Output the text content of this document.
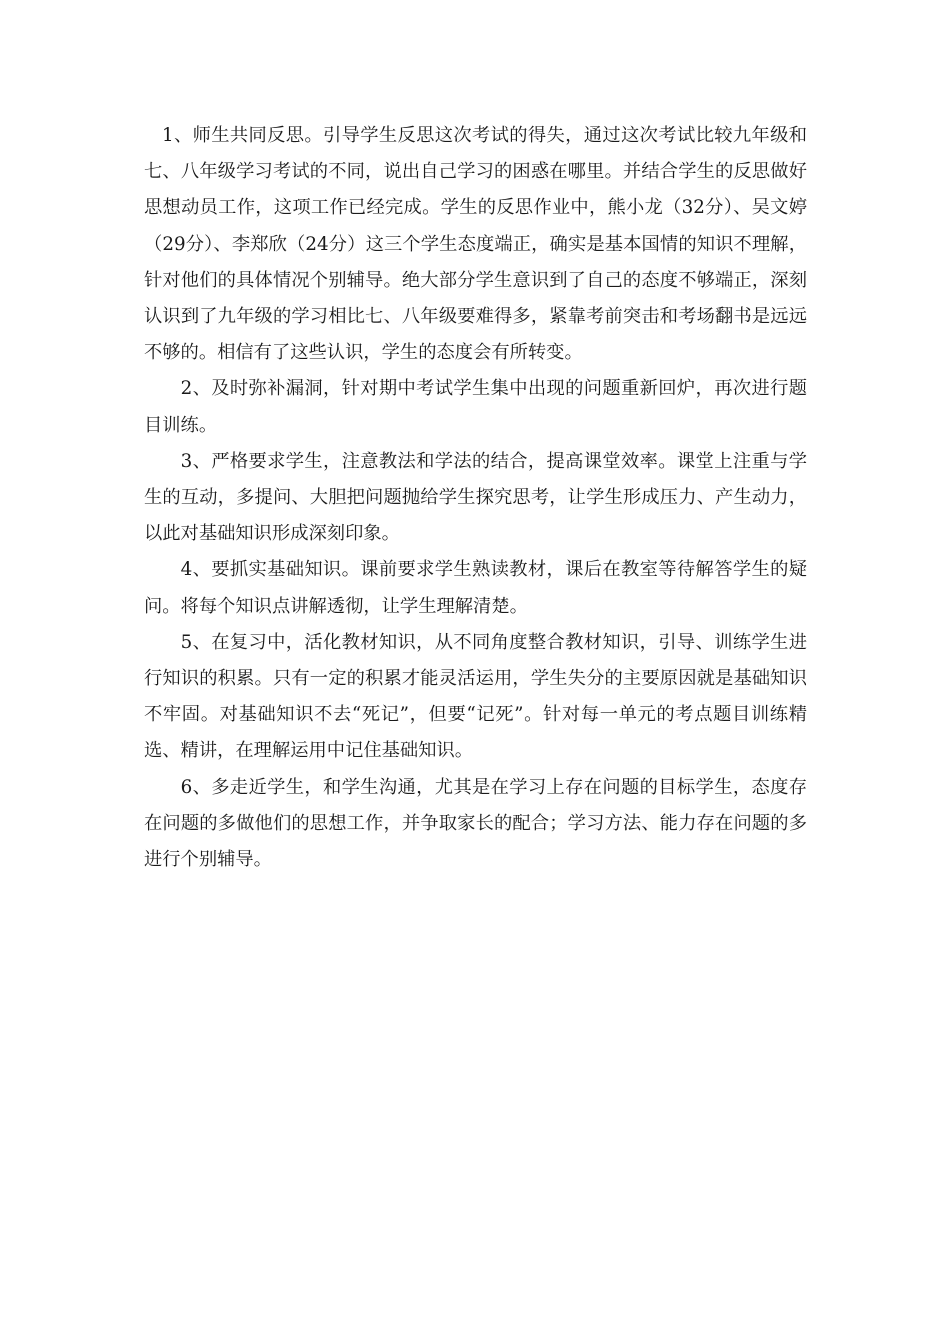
1、师生共同反思。引导学生反思这次考试的得失，通过这次考试比较九年级和七、八年级学习考试的不同，说出自己学习的困惑在哪里。并结合学生的反思做好思想动员工作，这项工作已经完成。学生的反思作业中，熊小龙（32分）、吴文婷（29分）、李郑欣（24分）这三个学生态度端正，确实是基本国情的知识不理解，针对他们的具体情况个别辅导。绝大部分学生意识到了自己的态度不够端正，深刻认识到了九年级的学习相比七、八年级要难得多，紧靠考前突击和考场翻书是远远不够的。相信有了这些认识，学生的态度会有所转变。

2、及时弥补漏洞，针对期中考试学生集中出现的问题重新回炉，再次进行题目训练。

3、严格要求学生，注意教法和学法的结合，提高课堂效率。课堂上注重与学生的互动，多提问、大胆把问题抛给学生探究思考，让学生形成压力、产生动力，以此对基础知识形成深刻印象。

4、要抓实基础知识。课前要求学生熟读教材，课后在教室等待解答学生的疑问。将每个知识点讲解透彻，让学生理解清楚。

5、在复习中，活化教材知识，从不同角度整合教材知识，引导、训练学生进行知识的积累。只有一定的积累才能灵活运用，学生失分的主要原因就是基础知识不牢固。对基础知识不去“死记”，但要“记死”。针对每一单元的考点题目训练精选、精讲，在理解运用中记住基础知识。

6、多走近学生，和学生沟通，尤其是在学习上存在问题的目标学生，态度存在问题的多做他们的思想工作，并争取家长的配合；学习方法、能力存在问题的多进行个别辅导。
